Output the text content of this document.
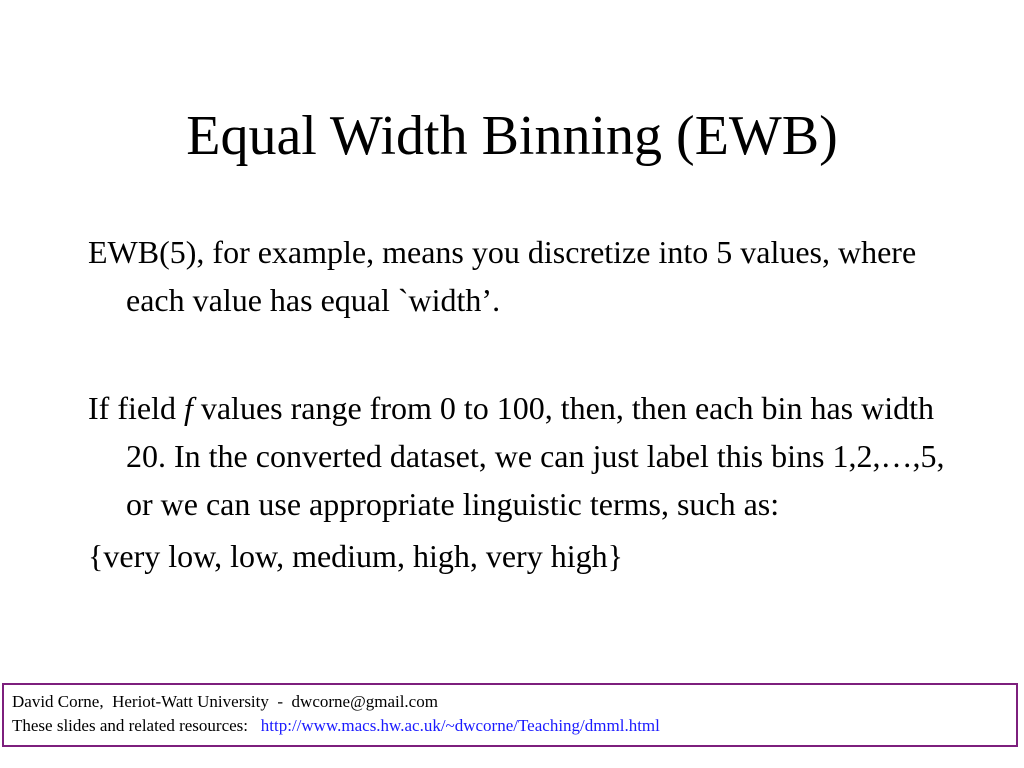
Equal Width Binning (EWB)

EWB(5), for example, means you discretize into 5 values, where each value has equal `width’.

If field f values range from 0 to 100, then, then each bin has width 20. In the converted dataset, we can just label this bins 1,2,…,5, or we can use appropriate linguistic terms, such as:

{very low, low, medium, high, very high}

David Corne,  Heriot-Watt University  -  dwcorne@gmail.com
These slides and related resources:   http://www.macs.hw.ac.uk/~dwcorne/Teaching/dmml.html
